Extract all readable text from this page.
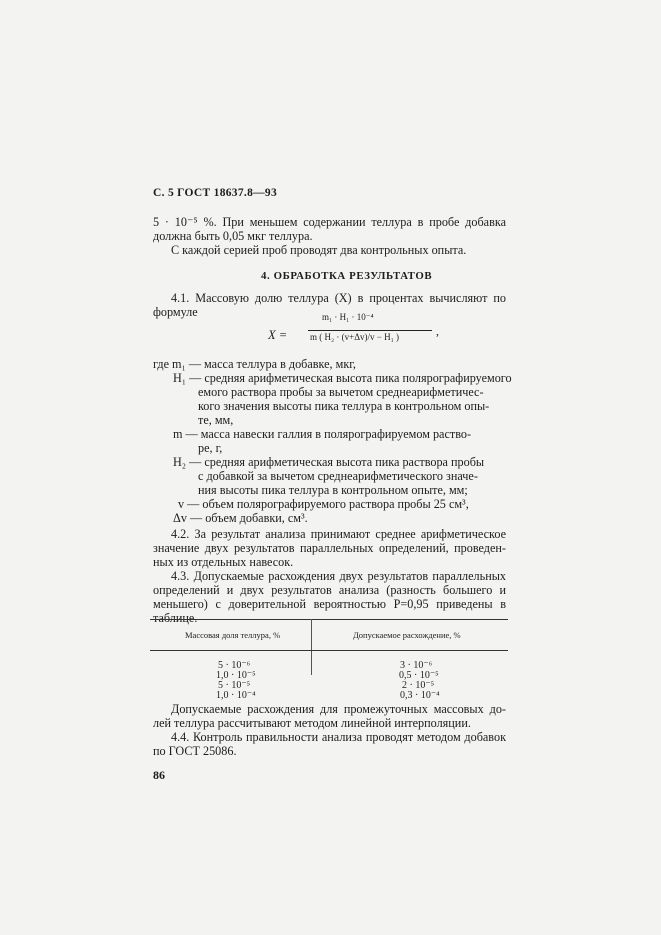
С. 5 ГОСТ 18637.8—93
5 · 10⁻⁵ %. При меньшем содержании теллура в пробе добавка
должна быть 0,05 мкг теллура.
С каждой серией проб проводят два контрольных опыта.
4. ОБРАБОТКА РЕЗУЛЬТАТОВ
4.1. Массовую долю теллура (X) в процентах вычисляют по
формуле
X =
m₁ · H₁ · 10⁻⁴
m ( H₂ · (v+Δv)/v − H₁ )	,
где m₁ — масса теллура в добавке, мкг,
H₁ — средняя арифметическая высота пика полярографируемого
емого раствора пробы за вычетом среднеарифметичес-
кого значения высоты пика теллура в контрольном опы-
те, мм,
m — масса навески галлия в полярографируемом раство-
ре, г,
H₂ — средняя арифметическая высота пика раствора пробы
с добавкой за вычетом среднеарифметического значе-
ния высоты пика теллура в контрольном опыте, мм;
v — объем полярографируемого раствора пробы 25 см³,
Δv — объем добавки, см³.
4.2. За результат анализа принимают среднее арифметическое
значение двух результатов параллельных определений, проведен-
ных из отдельных навесок.
4.3. Допускаемые расхождения двух результатов параллельных
определений и двух результатов анализа (разность большего и
меньшего) с доверительной вероятностью P=0,95 приведены в
таблице.
Массовая доля теллура, %	Допускаемое расхождение, %
5 · 10⁻⁶	3 · 10⁻⁶
1,0 · 10⁻⁵	0,5 · 10⁻⁵
5 · 10⁻⁵	2 · 10⁻⁵
1,0 · 10⁻⁴	0,3 · 10⁻⁴
Допускаемые расхождения для промежуточных массовых до-
лей теллура рассчитывают методом линейной интерполяции.
4.4. Контроль правильности анализа проводят методом добавок
по ГОСТ 25086.
86
